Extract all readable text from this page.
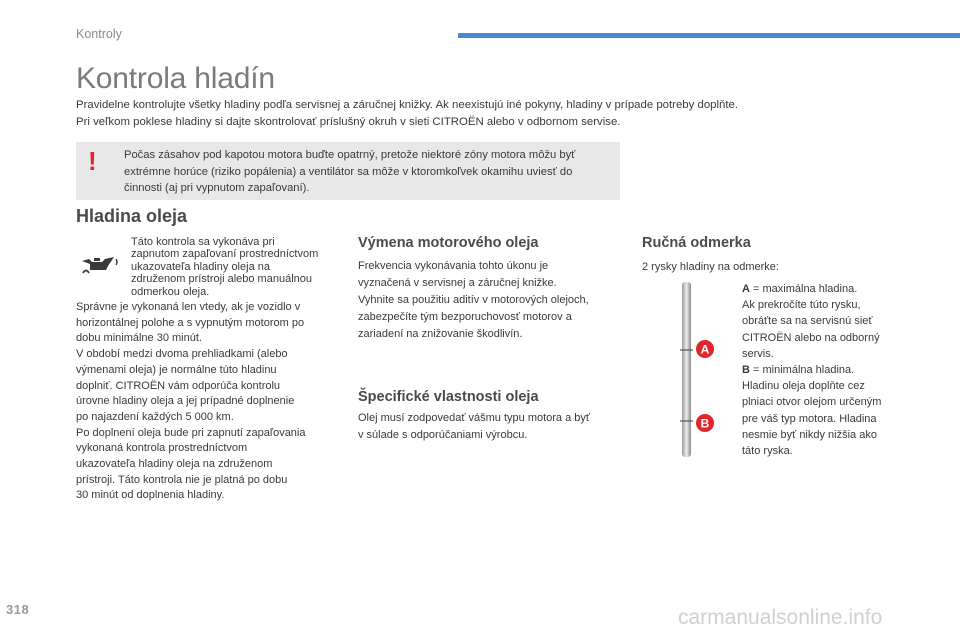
Kontroly
Kontrola hladín
Pravidelne kontrolujte všetky hladiny podľa servisnej a záručnej knižky. Ak neexistujú iné pokyny, hladiny v prípade potreby doplňte.
Pri veľkom poklese hladiny si dajte skontrolovať príslušný okruh v sieti CITROËN alebo v odbornom servise.
! Počas zásahov pod kapotou motora buďte opatrný, pretože niektoré zóny motora môžu byť
extrémne horúce (riziko popálenia) a ventilátor sa môže v ktoromkoľvek okamihu uviesť do
činnosti (aj pri vypnutom zapaľovaní).
Hladina oleja
Táto kontrola sa vykonáva pri
zapnutom zapaľovaní prostredníctvom
ukazovateľa hladiny oleja na
združenom prístroji alebo manuálnou
odmerkou oleja.
Správne je vykonaná len vtedy, ak je vozidlo v
horizontálnej polohe a s vypnutým motorom po
dobu minimálne 30 minút.
V období medzi dvoma prehliadkami (alebo
výmenami oleja) je normálne túto hladinu
doplniť. CITROËN vám odporúča kontrolu
úrovne hladiny oleja a jej prípadné doplnenie
po najazdení každých 5 000 km.
Po doplnení oleja bude pri zapnutí zapaľovania
vykonaná kontrola prostredníctvom
ukazovateľa hladiny oleja na združenom
prístroji. Táto kontrola nie je platná po dobu
30 minút od doplnenia hladiny.
Výmena motorového oleja
Frekvencia vykonávania tohto úkonu je
vyznačená v servisnej a záručnej knižke.
Vyhnite sa použitiu aditív v motorových olejoch,
zabezpečíte tým bezporuchovosť motorov a
zariadení na znižovanie škodlivín.
Špecifické vlastnosti oleja
Olej musí zodpovedať vášmu typu motora a byť
v súlade s odporúčaniami výrobcu.
Ručná odmerka
2 rysky hladiny na odmerke:
A
B
A = maximálna hladina.
Ak prekročíte túto rysku,
obráťte sa na servisnú sieť
CITROËN alebo na odborný
servis.
B = minimálna hladina.
Hladinu oleja doplňte cez
plniaci otvor olejom určeným
pre váš typ motora. Hladina
nesmie byť nikdy nižšia ako
táto ryska.
318	carmanualsonline.info
